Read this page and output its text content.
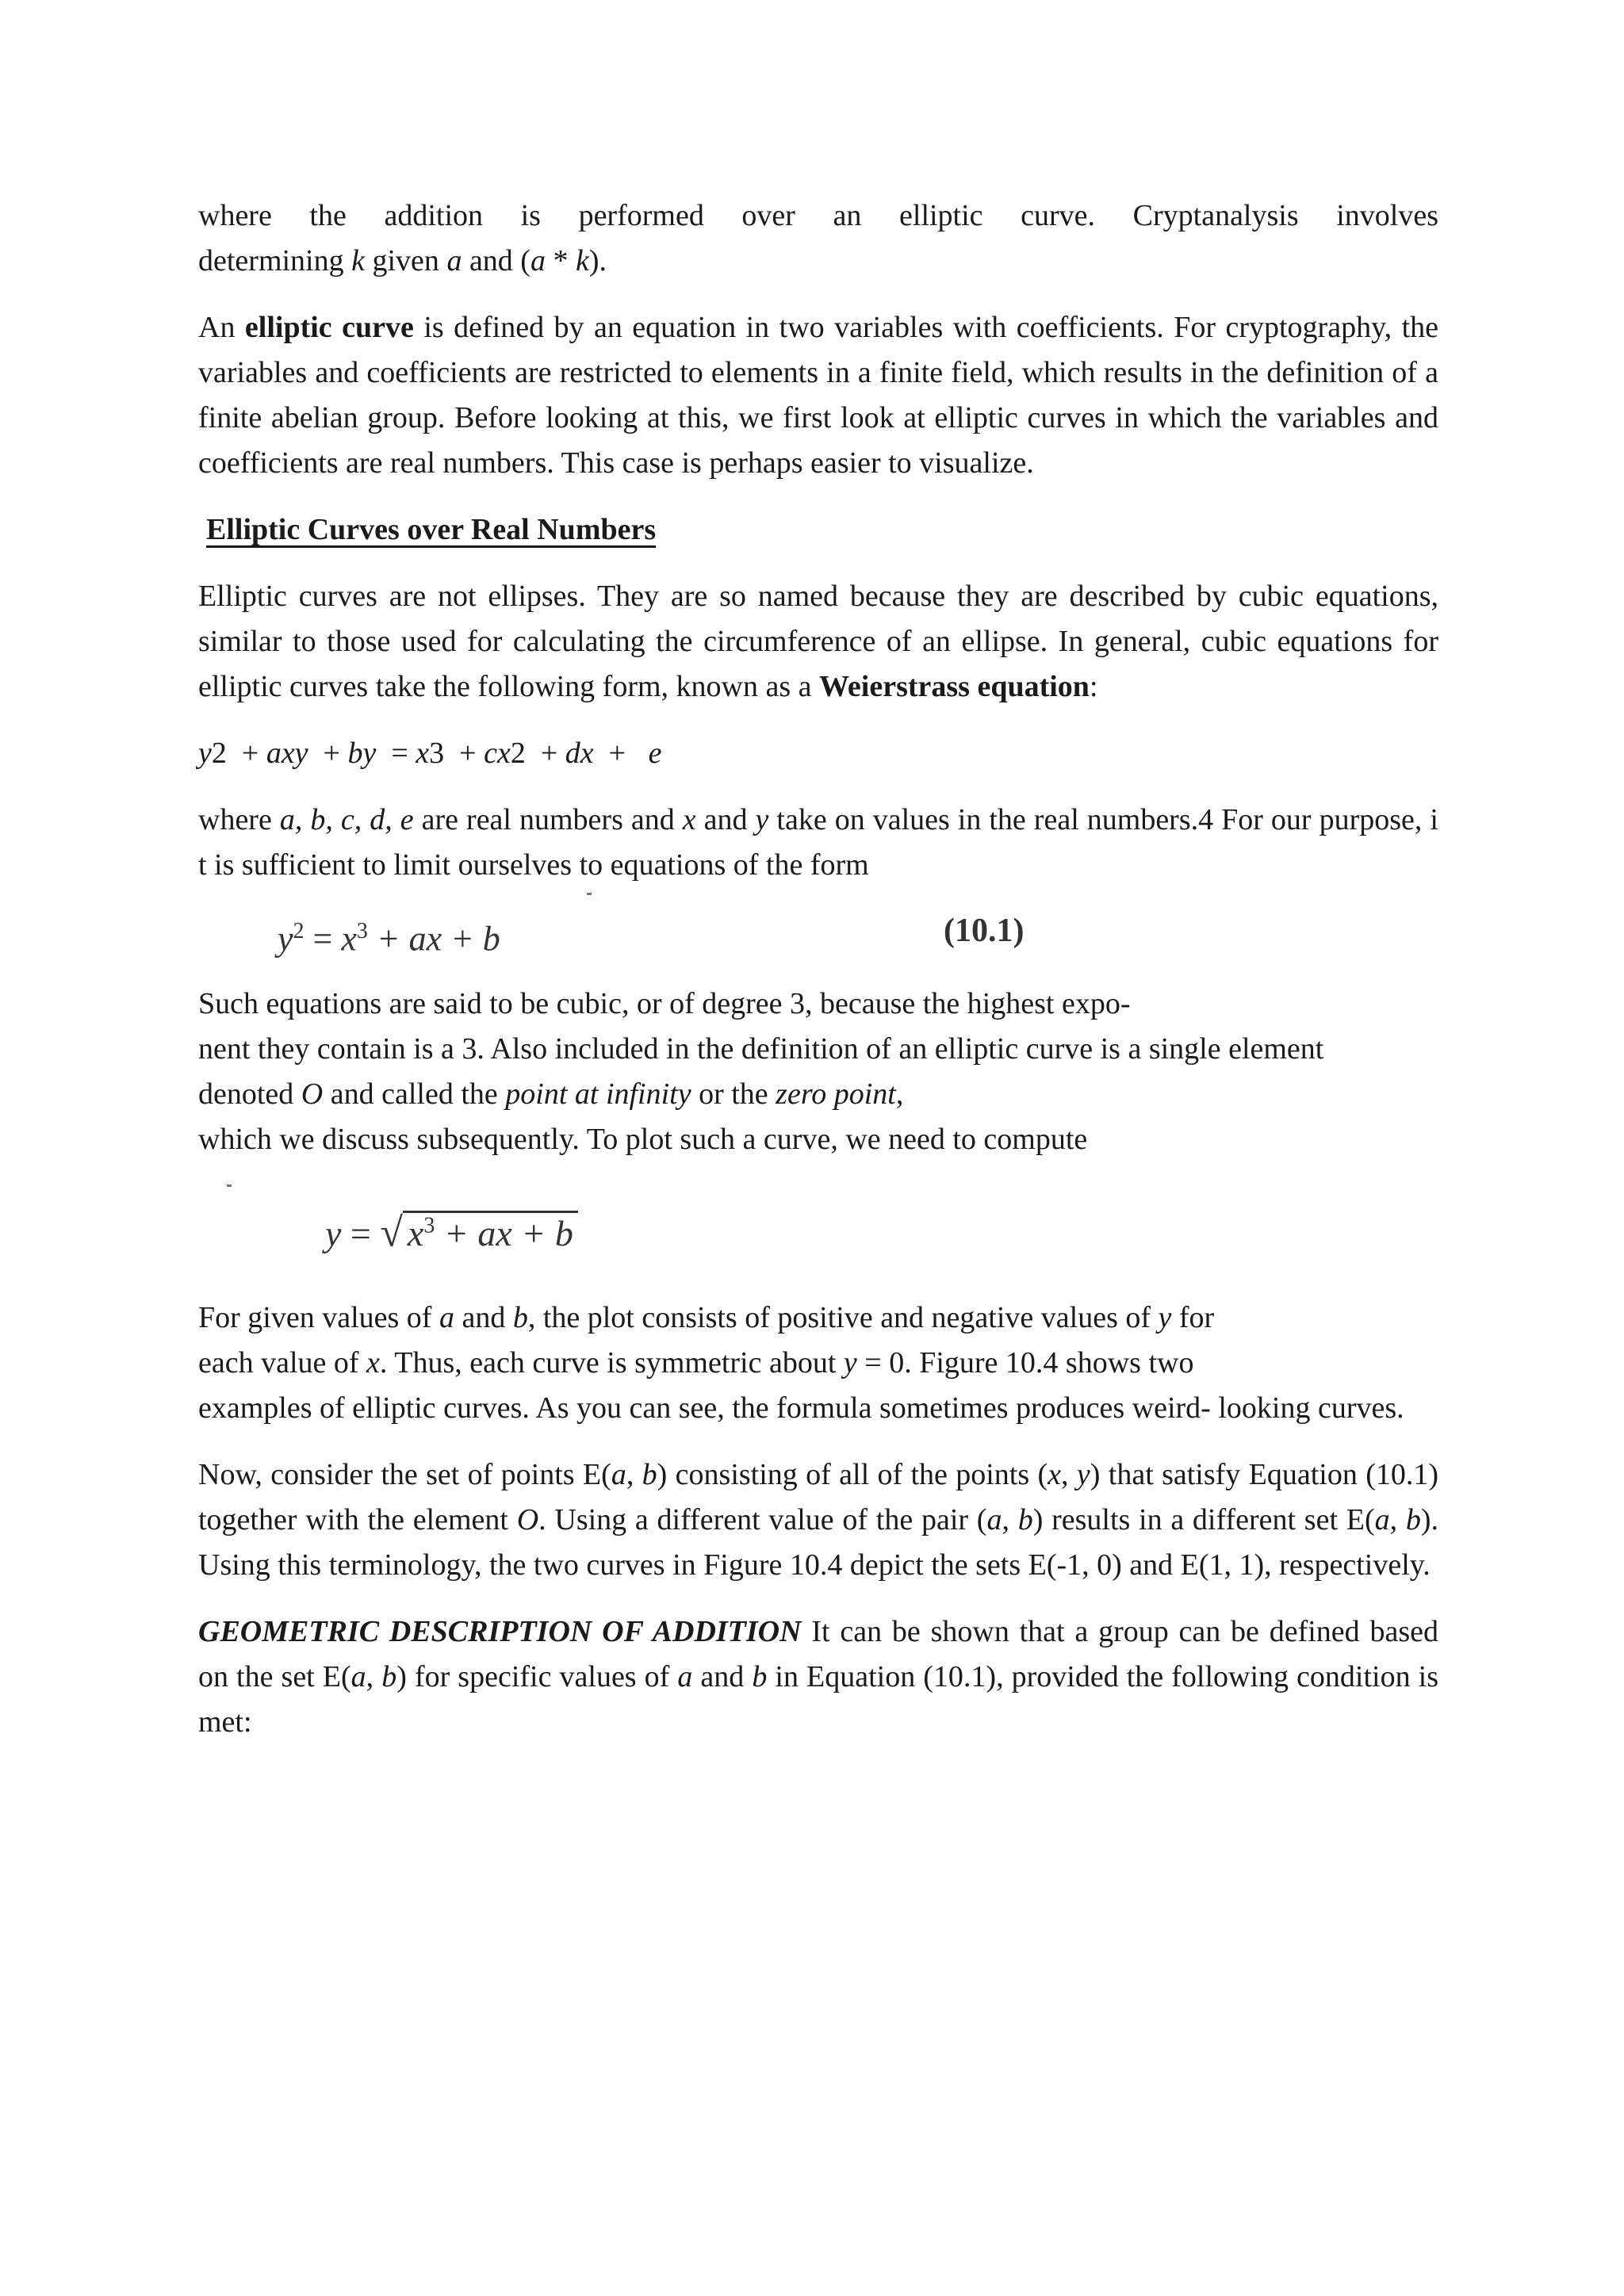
where the addition is performed over an elliptic curve. Cryptanalysis involves

determining k given a and (a * k).

An elliptic curve is defined by an equation in two variables with coefficients. For cryptography, the variables and coefficients are restricted to elements in a finite field, which results in the definition of a finite abelian group. Before looking at this, we first look at elliptic curves in which the variables and coefficients are real numbers. This case is perhaps easier to visualize.

Elliptic Curves over Real Numbers

Elliptic curves are not ellipses. They are so named because they are described by cubic equations, similar to those used for calculating the circumference of an ellipse. In general, cubic equations for elliptic curves take the following form, known as a Weierstrass equation:

y2  + axy  + by  = x3  + cx2  + dx  +   e

where a, b, c, d, e are real numbers and x and y take on values in the real numbers.4 For our purpose, i t is sufficient to limit ourselves to equations of the form

$y^2 = x^3$ + ax + b	(10.1)

Such equations are said to be cubic, or of degree 3, because the highest expo-

nent they contain is a 3. Also included in the definition of an elliptic curve is a single element

denoted O and called the point at infinity or the zero point,

which we discuss subsequently. To plot such a curve, we need to compute

y = √ $x^3$ + ax + b

For given values of a and b, the plot consists of positive and negative values of y for

each value of x. Thus, each curve is symmetric about y = 0. Figure 10.4 shows two

examples of elliptic curves. As you can see, the formula sometimes produces weird- looking curves.

Now, consider the set of points E(a, b) consisting of all of the points (x, y) that satisfy Equation (10.1) together with the element O. Using a different value of the pair (a, b) results in a different set E(a, b). Using this terminology, the two curves in Figure 10.4 depict the sets E(-1, 0) and E(1, 1), respectively.

GEOMETRIC DESCRIPTION OF ADDITION It can be shown that a group can be defined based on the set E(a, b) for specific values of a and b in Equation (10.1), provided the following condition is met:
